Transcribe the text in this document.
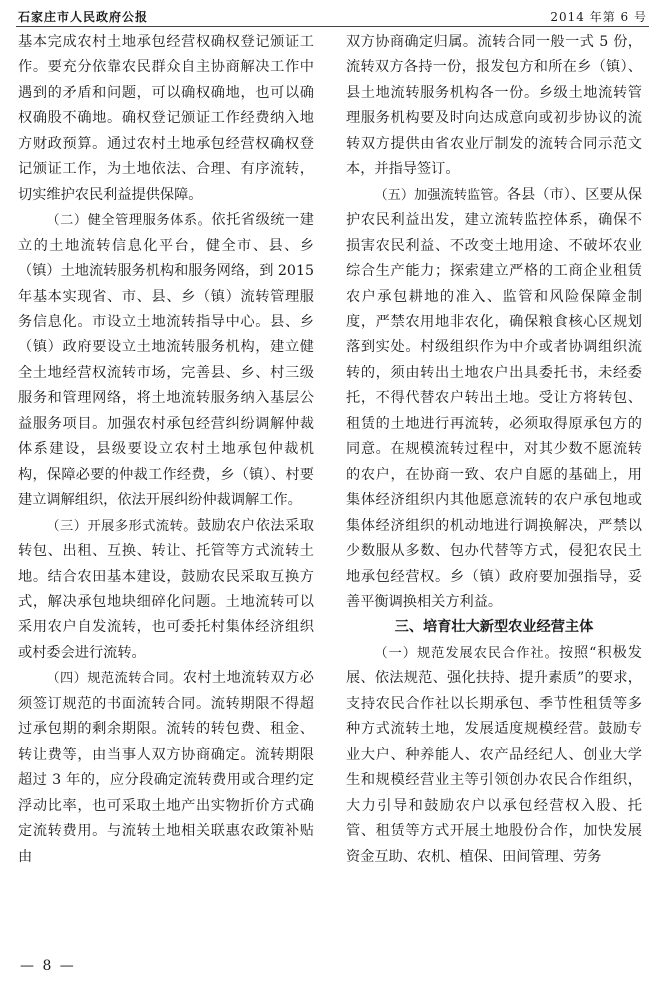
石家庄市人民政府公报	2014 年第 6 号

基本完成农村土地承包经营权确权登记颁证工作。要充分依靠农民群众自主协商解决工作中遇到的矛盾和问题，可以确权确地，也可以确权确股不确地。确权登记颁证工作经费纳入地方财政预算。通过农村土地承包经营权确权登记颁证工作，为土地依法、合理、有序流转，切实维护农民利益提供保障。

（二）健全管理服务体系。依托省级统一建立的土地流转信息化平台，健全市、县、乡（镇）土地流转服务机构和服务网络，到 2015 年基本实现省、市、县、乡（镇）流转管理服务信息化。市设立土地流转指导中心。县、乡（镇）政府要设立土地流转服务机构，建立健全土地经营权流转市场，完善县、乡、村三级服务和管理网络，将土地流转服务纳入基层公益服务项目。加强农村承包经营纠纷调解仲裁体系建设，县级要设立农村土地承包仲裁机构，保障必要的仲裁工作经费，乡（镇）、村要建立调解组织，依法开展纠纷仲裁调解工作。

（三）开展多形式流转。鼓励农户依法采取转包、出租、互换、转让、托管等方式流转土地。结合农田基本建设，鼓励农民采取互换方式，解决承包地块细碎化问题。土地流转可以采用农户自发流转，也可委托村集体经济组织或村委会进行流转。

（四）规范流转合同。农村土地流转双方必须签订规范的书面流转合同。流转期限不得超过承包期的剩余期限。流转的转包费、租金、转让费等，由当事人双方协商确定。流转期限超过 3 年的，应分段确定流转费用或合理约定浮动比率，也可采取土地产出实物折价方式确定流转费用。与流转土地相关联惠农政策补贴由

双方协商确定归属。流转合同一般一式 5 份，流转双方各持一份，报发包方和所在乡（镇）、县土地流转服务机构各一份。乡级土地流转管理服务机构要及时向达成意向或初步协议的流转双方提供由省农业厅制发的流转合同示范文本，并指导签订。

（五）加强流转监管。各县（市）、区要从保护农民利益出发，建立流转监控体系，确保不损害农民利益、不改变土地用途、不破坏农业综合生产能力；探索建立严格的工商企业租赁农户承包耕地的准入、监管和风险保障金制度，严禁农用地非农化，确保粮食核心区规划落到实处。村级组织作为中介或者协调组织流转的，须由转出土地农户出具委托书，未经委托，不得代替农户转出土地。受让方将转包、租赁的土地进行再流转，必须取得原承包方的同意。在规模流转过程中，对其少数不愿流转的农户，在协商一致、农户自愿的基础上，用集体经济组织内其他愿意流转的农户承包地或集体经济组织的机动地进行调换解决，严禁以少数服从多数、包办代替等方式，侵犯农民土地承包经营权。乡（镇）政府要加强指导，妥善平衡调换相关方利益。

三、培育壮大新型农业经营主体

（一）规范发展农民合作社。按照“积极发展、依法规范、强化扶持、提升素质”的要求，支持农民合作社以长期承包、季节性租赁等多种方式流转土地，发展适度规模经营。鼓励专业大户、种养能人、农产品经纪人、创业大学生和规模经营业主等引领创办农民合作组织，大力引导和鼓励农户以承包经营权入股、托管、租赁等方式开展土地股份合作，加快发展资金互助、农机、植保、田间管理、劳务

— 8 —
